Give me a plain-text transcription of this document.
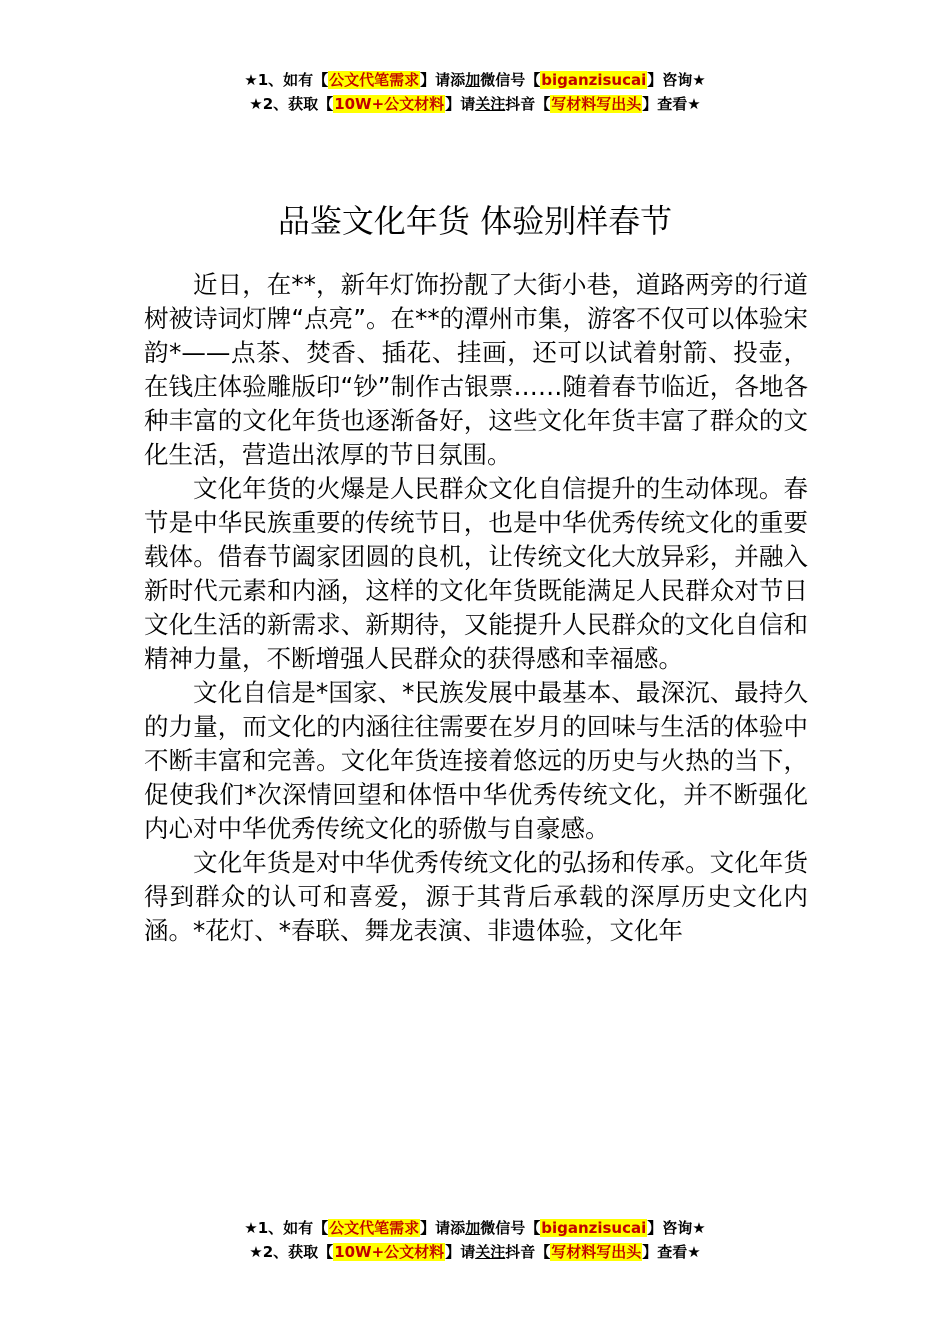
★1、如有【公文代笔需求】请添加微信号【biganzisucai】咨询★
★2、获取【10W+公文材料】请关注抖音【写材料写出头】查看★
品鉴文化年货 体验别样春节

近日，在**，新年灯饰扮靓了大街小巷，道路两旁的行道树被诗词灯牌“点亮”。在**的潭州市集，游客不仅可以体验宋韵*——点茶、焚香、插花、挂画，还可以试着射箭、投壶，在钱庄体验雕版印“钞”制作古银票……随着春节临近，各地各种丰富的文化年货也逐渐备好，这些文化年货丰富了群众的文化生活，营造出浓厚的节日氛围。

文化年货的火爆是人民群众文化自信提升的生动体现。春节是中华民族重要的传统节日，也是中华优秀传统文化的重要载体。借春节阖家团圆的良机，让传统文化大放异彩，并融入新时代元素和内涵，这样的文化年货既能满足人民群众对节日文化生活的新需求、新期待，又能提升人民群众的文化自信和精神力量，不断增强人民群众的获得感和幸福感。

文化自信是*国家、*民族发展中最基本、最深沉、最持久的力量，而文化的内涵往往需要在岁月的回味与生活的体验中不断丰富和完善。文化年货连接着悠远的历史与火热的当下，促使我们*次深情回望和体悟中华优秀传统文化，并不断强化内心对中华优秀传统文化的骄傲与自豪感。

文化年货是对中华优秀传统文化的弘扬和传承。文化年货得到群众的认可和喜爱，源于其背后承载的深厚历史文化内涵。*花灯、*春联、舞龙表演、非遗体验，文化年

★1、如有【公文代笔需求】请添加微信号【biganzisucai】咨询★
★2、获取【10W+公文材料】请关注抖音【写材料写出头】查看★
